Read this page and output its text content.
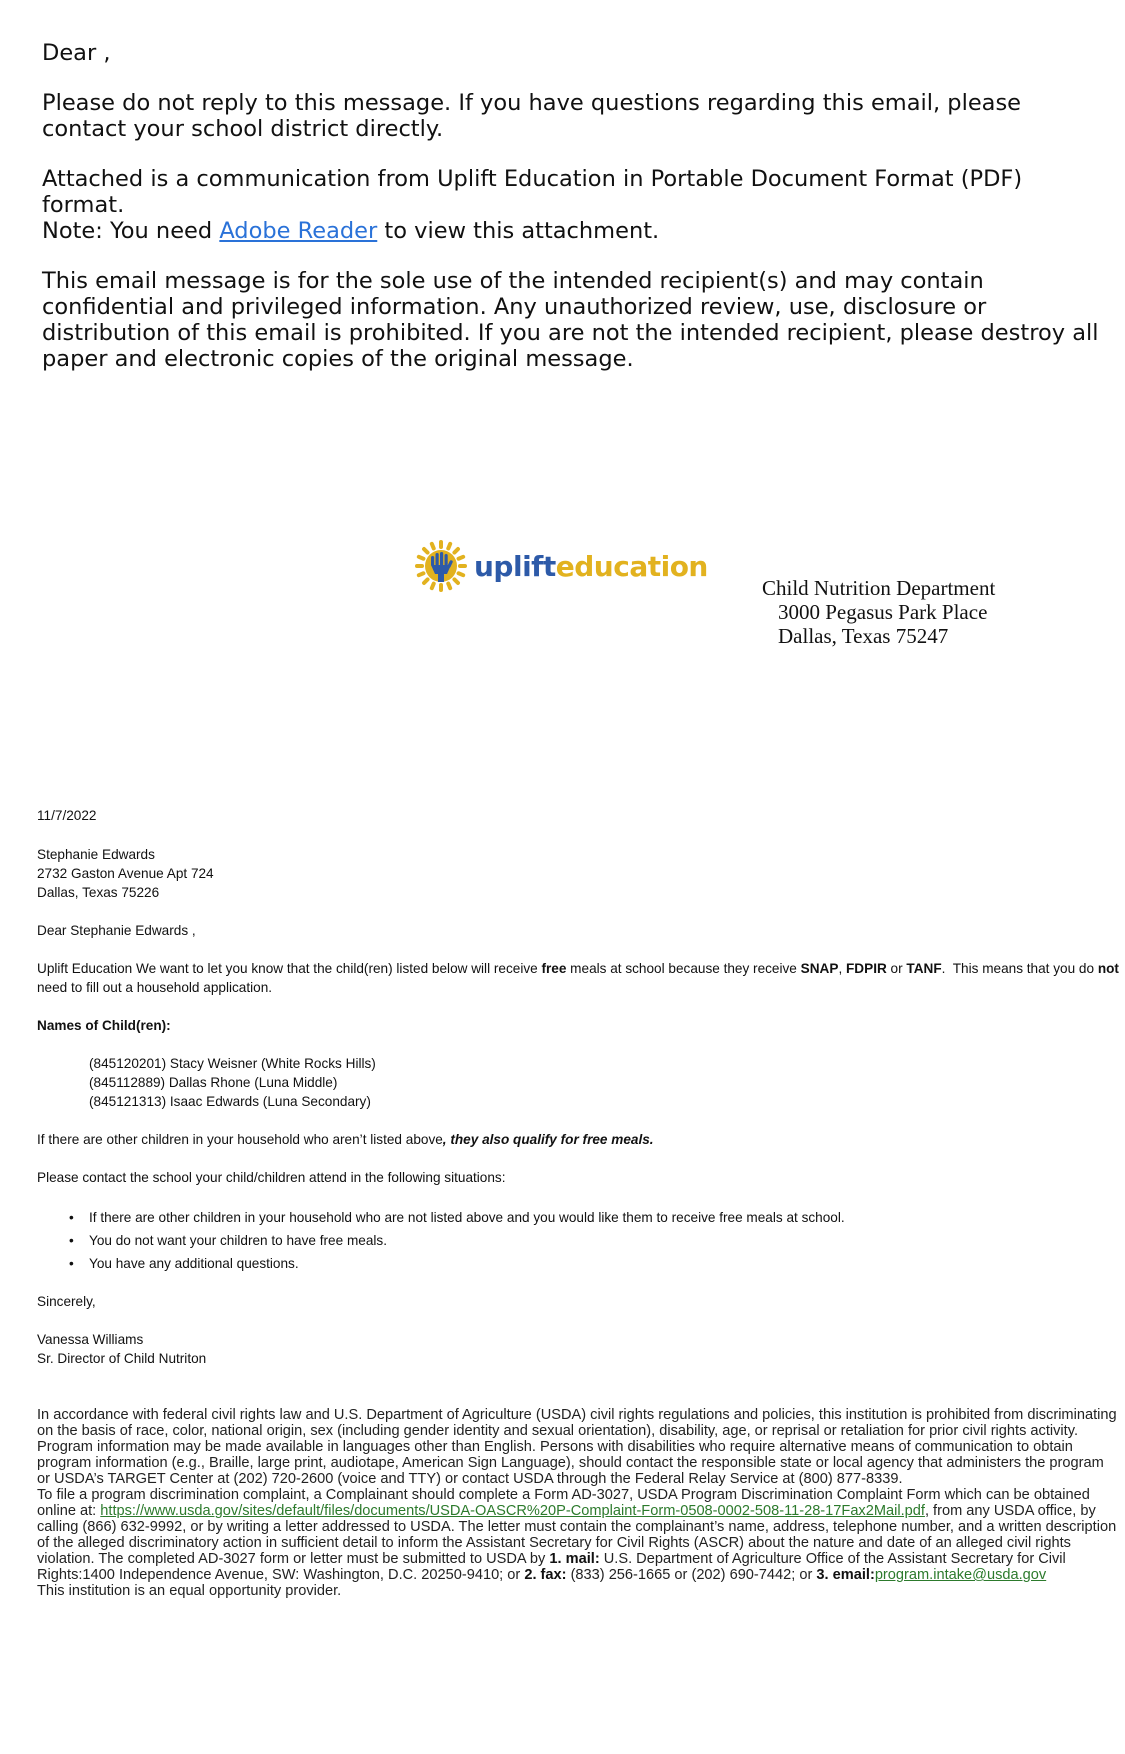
Dear ,

Please do not reply to this message. If you have questions regarding this email, please contact your school district directly.

Attached is a communication from Uplift Education in Portable Document Format (PDF) format.
Note: You need Adobe Reader to view this attachment.

This email message is for the sole use of the intended recipient(s) and may contain confidential and privileged information. Any unauthorized review, use, disclosure or distribution of this email is prohibited. If you are not the intended recipient, please destroy all paper and electronic copies of the original message.

uplifteducation
Child Nutrition Department
3000 Pegasus Park Place
Dallas, Texas 75247

11/7/2022

Stephanie Edwards
2732 Gaston Avenue Apt 724
Dallas, Texas 75226

Dear Stephanie Edwards ,

Uplift Education We want to let you know that the child(ren) listed below will receive free meals at school because they receive SNAP, FDPIR or TANF.  This means that you do not need to fill out a household application.

Names of Child(ren):

(845120201) Stacy Weisner (White Rocks Hills)
(845112889) Dallas Rhone (Luna Middle)
(845121313) Isaac Edwards (Luna Secondary)

If there are other children in your household who aren’t listed above, they also qualify for free meals.

Please contact the school your child/children attend in the following situations:

• If there are other children in your household who are not listed above and you would like them to receive free meals at school.
• You do not want your children to have free meals.
• You have any additional questions.

Sincerely,

Vanessa Williams
Sr. Director of Child Nutriton

In accordance with federal civil rights law and U.S. Department of Agriculture (USDA) civil rights regulations and policies, this institution is prohibited from discriminating on the basis of race, color, national origin, sex (including gender identity and sexual orientation), disability, age, or reprisal or retaliation for prior civil rights activity.

Program information may be made available in languages other than English. Persons with disabilities who require alternative means of communication to obtain program information (e.g., Braille, large print, audiotape, American Sign Language), should contact the responsible state or local agency that administers the program or USDA’s TARGET Center at (202) 720-2600 (voice and TTY) or contact USDA through the Federal Relay Service at (800) 877-8339.

To file a program discrimination complaint, a Complainant should complete a Form AD-3027, USDA Program Discrimination Complaint Form which can be obtained online at: https://www.usda.gov/sites/default/files/documents/USDA-OASCR%20P-Complaint-Form-0508-0002-508-11-28-17Fax2Mail.pdf, from any USDA office, by calling (866) 632-9992, or by writing a letter addressed to USDA. The letter must contain the complainant’s name, address, telephone number, and a written description of the alleged discriminatory action in sufficient detail to inform the Assistant Secretary for Civil Rights (ASCR) about the nature and date of an alleged civil rights violation. The completed AD-3027 form or letter must be submitted to USDA by 1. mail: U.S. Department of Agriculture Office of the Assistant Secretary for Civil Rights:1400 Independence Avenue, SW: Washington, D.C. 20250-9410; or 2. fax: (833) 256-1665 or (202) 690-7442; or 3. email:program.intake@usda.gov

This institution is an equal opportunity provider.
